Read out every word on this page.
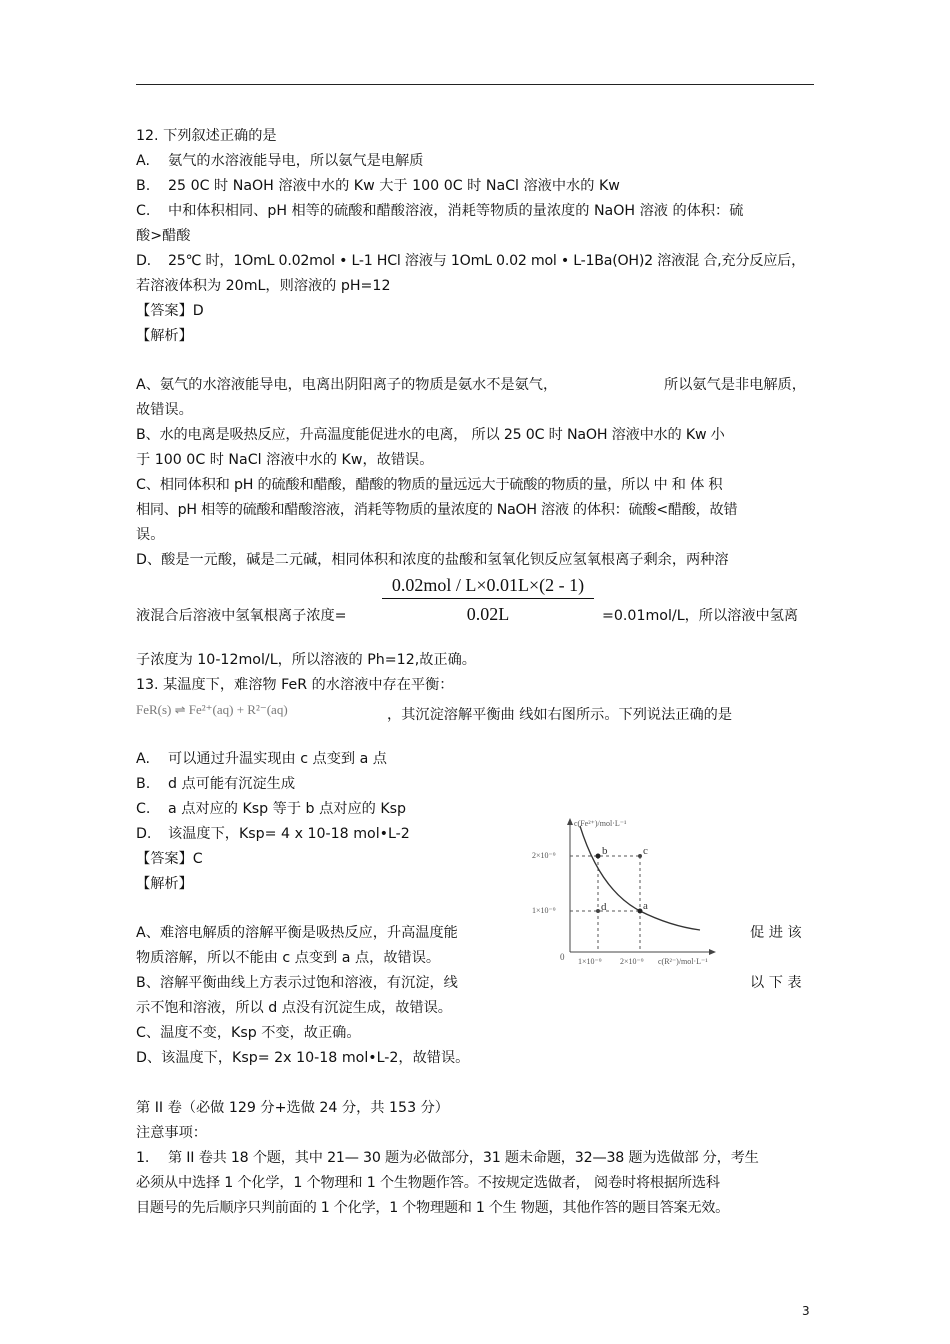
12. 下列叙述正确的是
A. 氨气的水溶液能导电，所以氨气是电解质
B. 25 0C 时 NaOH 溶液中水的 Kw 大于 100 0C 时 NaCl 溶液中水的 Kw
C. 中和体积相同、pH 相等的硫酸和醋酸溶液，消耗等物质的量浓度的 NaOH 溶液 的体积：硫
酸>醋酸
D. 25℃ 时，1OmL 0.02mol • L-1 HCl 溶液与 1OmL 0.02 mol • L-1Ba(OH)2 溶液混 合,充分反应后，
若溶液体积为 20mL，则溶液的 pH=12
【答案】D
【解析】
A、氨气的水溶液能导电，电离出阴阳离子的物质是氨水不是氨气，	所以氨气是非电解质，
故错误。
B、水的电离是吸热反应，升高温度能促进水的电离， 所以 25 0C 时 NaOH 溶液中水的 Kw 小
于 100 0C 时 NaCl 溶液中水的 Kw，故错误。
C、相同体积和 pH 的硫酸和醋酸，醋酸的物质的量远远大于硫酸的物质的量，所以 中 和 体 积
相同、pH 相等的硫酸和醋酸溶液，消耗等物质的量浓度的 NaOH 溶液 的体积：硫酸<醋酸，故错
误。
D、酸是一元酸，碱是二元碱，相同体积和浓度的盐酸和氢氧化钡反应氢氧根离子剩余，两种溶
0.02mol / L×0.01L×(2 - 1)
0.02L
液混合后溶液中氢氧根离子浓度=	=0.01mol/L，所以溶液中氢离
子浓度为 10-12mol/L，所以溶液的 Ph=12,故正确。
13. 某温度下，难溶物 FeR 的水溶液中存在平衡：
FeR(s) ⇌ Fe²⁺(aq) + R²⁻(aq)	，其沉淀溶解平衡曲 线如右图所示。下列说法正确的是
A. 可以通过升温实现由 c 点变到 a 点
B. d 点可能有沉淀生成
C. a 点对应的 Ksp 等于 b 点对应的 Ksp
D. 该温度下，Ksp= 4 x 10-18 mol•L-2
【答案】C
【解析】
A、难溶电解质的溶解平衡是吸热反应，升高温度能	促 进 该
物质溶解，所以不能由 c 点变到 a 点，故错误。
B、溶解平衡曲线上方表示过饱和溶液，有沉淀，线	以 下 表
示不饱和溶液，所以 d 点没有沉淀生成，故错误。
C、温度不变，Ksp 不变，故正确。
D、该温度下，Ksp= 2x 10-18 mol•L-2，故错误。
c(Fe²⁺)/mol·L⁻¹
2×10⁻⁹
1×10⁻⁹
0 1×10⁻⁹ 2×10⁻⁹ c(R²⁻)/mol·L⁻¹
b	c
a
d
第 II 卷（必做 129 分+选做 24 分，共 153 分）
注意事项：
1. 第 II 卷共 18 个题，其中 21— 30 题为必做部分，31 题未命题，32—38 题为选做部 分，考生
必须从中选择 1 个化学，1 个物理和 1 个生物题作答。不按规定选做者， 阅卷时将根据所选科
目题号的先后顺序只判前面的 1 个化学，1 个物理题和 1 个生 物题，其他作答的题目答案无效。
3
